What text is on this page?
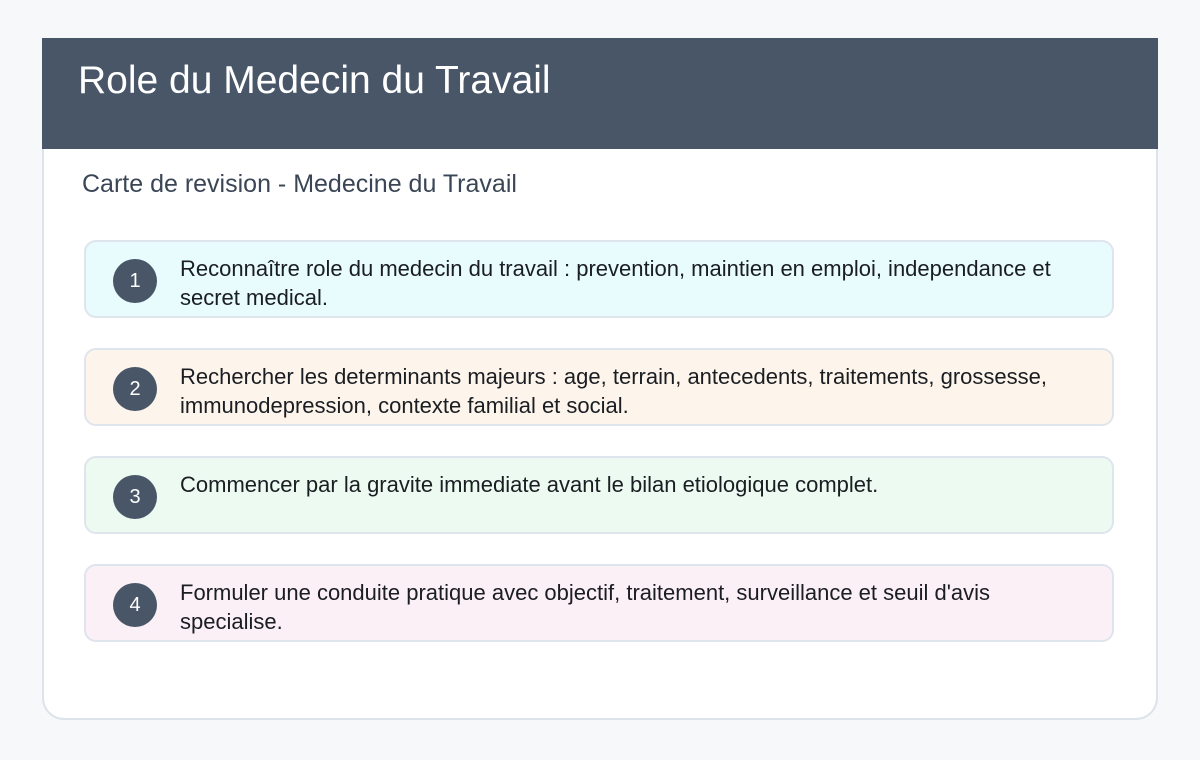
Role du Medecin du Travail
Carte de revision - Medecine du Travail
1	Reconnaître role du medecin du travail : prevention, maintien en emploi, independance et secret medical.
2	Rechercher les determinants majeurs : age, terrain, antecedents, traitements, grossesse, immunodepression, contexte familial et social.
3	Commencer par la gravite immediate avant le bilan etiologique complet.
4	Formuler une conduite pratique avec objectif, traitement, surveillance et seuil d'avis specialise.
